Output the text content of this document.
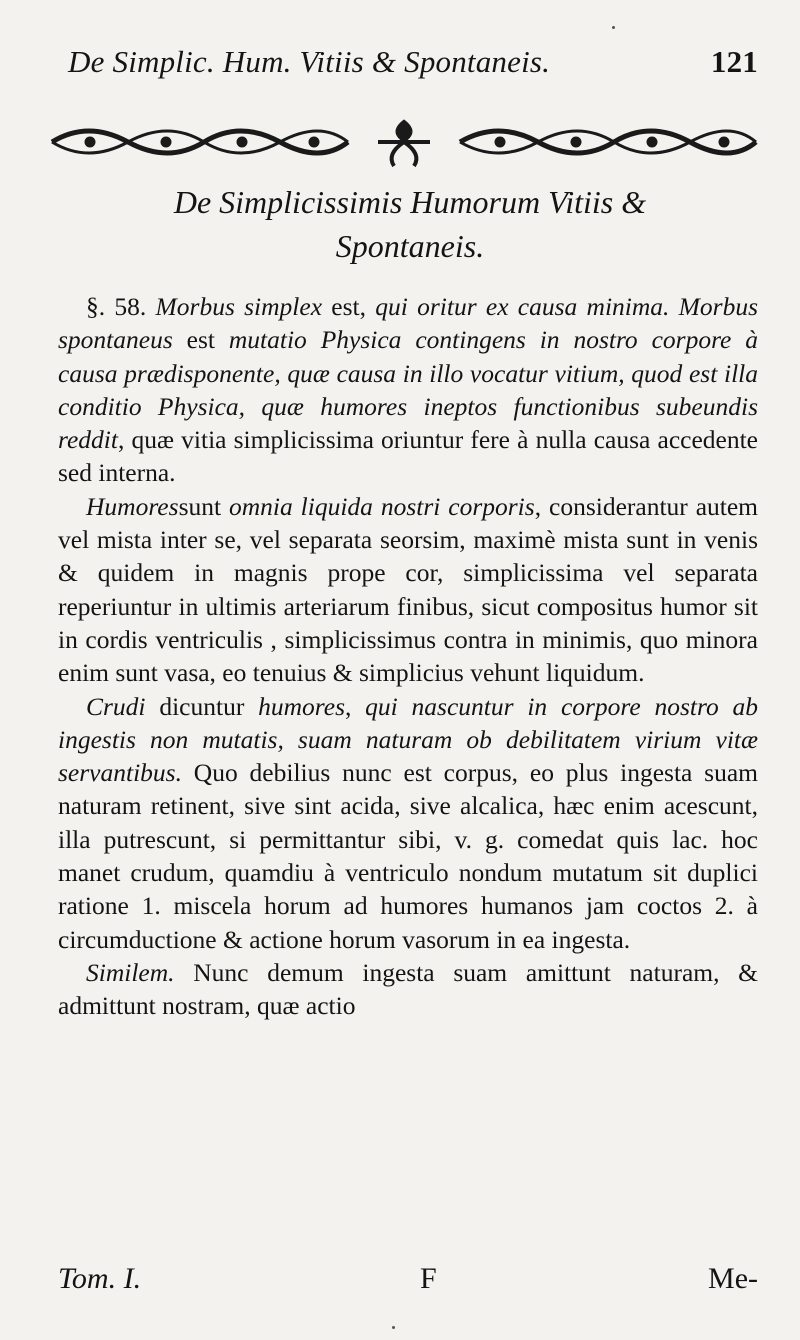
De Simplic. Hum. Vitiis & Spontaneis.	121
De Simplicissimis Humorum Vitiis &
Spontaneis.

§. 58. Morbus simplex est, qui oritur ex causa minima. Morbus spontaneus est mutatio Physica contingens in nostro corpore à causa prædisponente, quæ causa in illo vocatur vitium, quod est illa conditio Physica, quæ humores ineptos functionibus subeundis reddit, quæ vitia simplicissima oriuntur fere à nulla causa accedente sed interna.

Humoressunt omnia liquida nostri corporis, considerantur autem vel mista inter se, vel separata seorsim, maximè mista sunt in venis & quidem in magnis prope cor, simplicissima vel separata reperiuntur in ultimis arteriarum finibus, sicut compositus humor sit in cordis ventriculis , simplicissimus contra in minimis, quo minora enim sunt vasa, eo tenuius & simplicius vehunt liquidum.

Crudi dicuntur humores, qui nascuntur in corpore nostro ab ingestis non mutatis, suam naturam ob debilitatem virium vitæ servantibus. Quo debilius nunc est corpus, eo plus ingesta suam naturam retinent, sive sint acida, sive alcalica, hæc enim acescunt, illa putrescunt, si permittantur sibi, v. g. comedat quis lac. hoc manet crudum, quamdiu à ventriculo nondum mutatum sit duplici ratione 1. miscela horum ad humores humanos jam coctos 2. à circumductione & actione horum vasorum in ea ingesta.

Similem. Nunc demum ingesta suam amittunt naturam, & admittunt nostram, quæ actio

Tom. I.	F	Me-
